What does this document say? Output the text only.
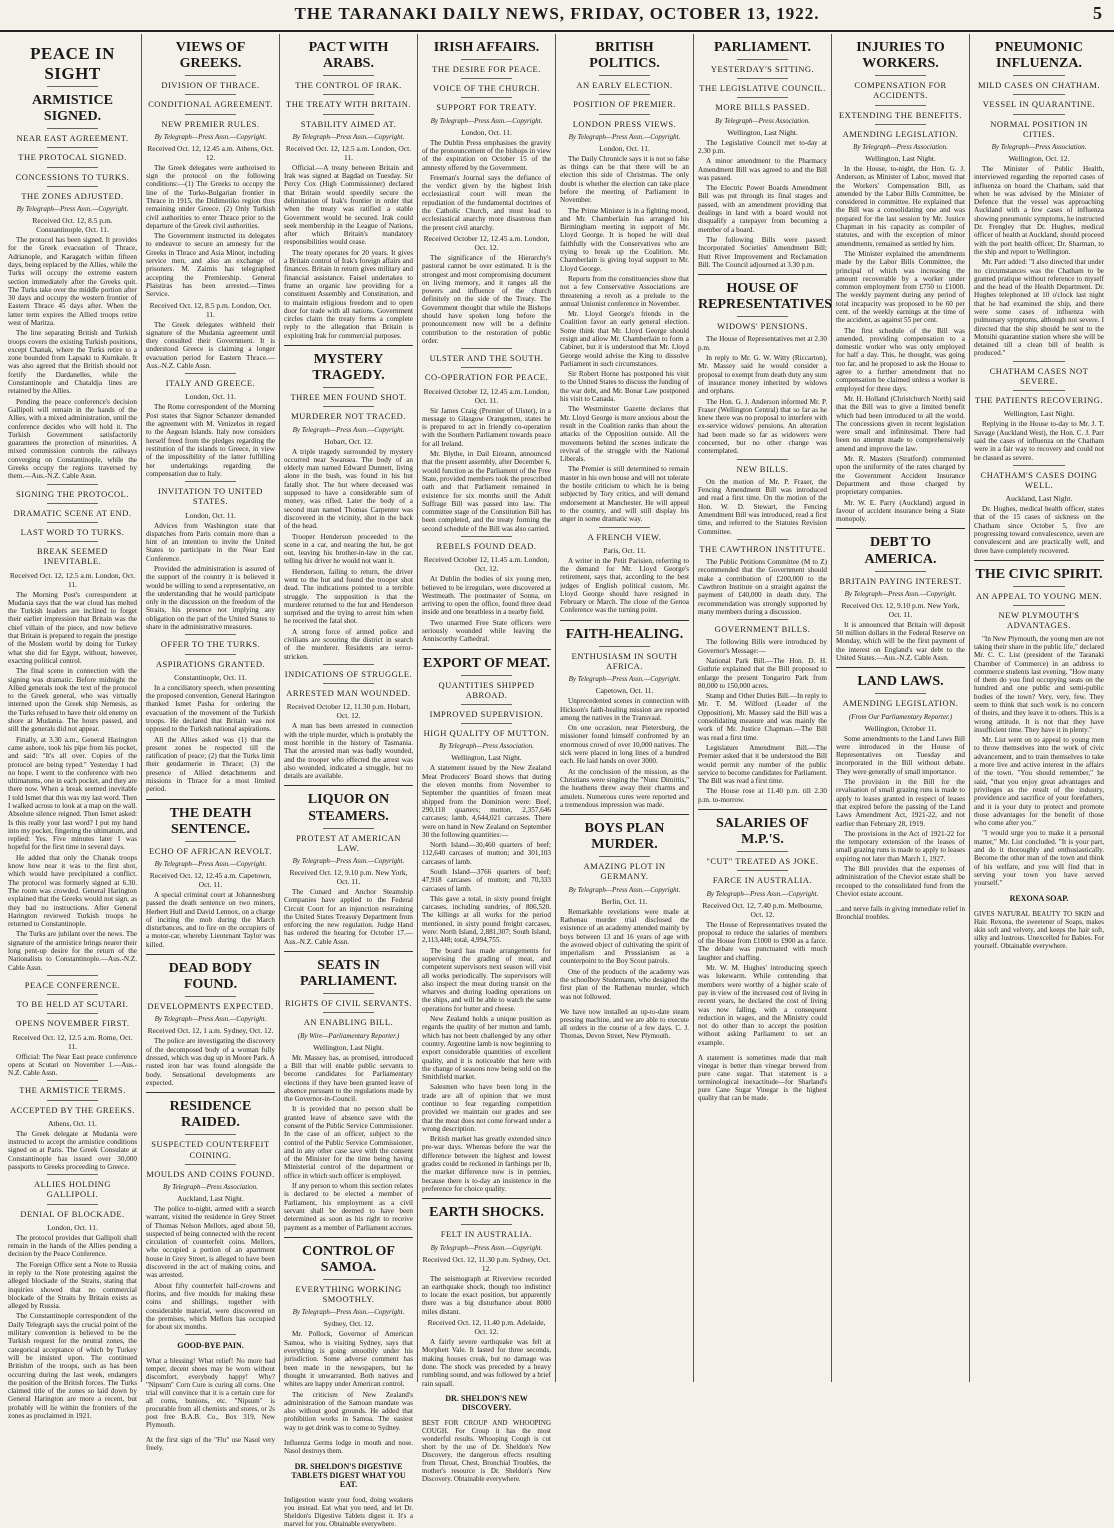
THE TARANAKI DAILY NEWS, FRIDAY, OCTOBER 13, 1922.	5
PEACE IN SIGHT
ARMISTICE SIGNED.
NEAR EAST AGREEMENT.
THE PROTOCAL SIGNED.
CONCESSIONS TO TURKS.
THE ZONES ADJUSTED.
By Telegraph—Press Assn.—Copyright.
Received Oct. 12, 8.5 p.m. Constantinople, Oct. 11.

The protocol has been signed. It provides for the Greek evacuation of Thrace, Adrianople, and Karagatch within fifteen days, being replaced by the Allies, while the Turks will occupy the extreme eastern section immediately after the Greeks quit. The Turks take over the middle portion after 30 days and occupy the western frontier of Eastern Thrace 45 days after. When the latter term expires the Allied troops retire west of Maritza.

The line separating British and Turkish troops covers the existing Turkish positions, except Chanak, where the Turks retire to a zone bounded from Lapsaki to Kumkale. It was also agreed that the British should not fortify the Dardanelles, while the Constantinople and Chataldja lines are retained by the Allies.

Pending the peace conference's decision Gallipoli will remain in the hands of the Allies, with a mixed administration, until the conference decides who will hold it. The Turkish Government satisfactorily guarantees the protection of minorities. A mixed commission controls the railways converging on Constantinople, while the Greeks occupy the regions traversed by them.—Aus.-N.Z. Cable Assn.

SIGNING THE PROTOCOL.
DRAMATIC SCENE AT END.
LAST WORD TO TURKS.
BREAK SEEMED INEVITABLE.
Received Oct. 12, 12.5 a.m. London, Oct. 11.

The Morning Post's correspondent at Mudania says that the war cloud has melted the Turkish leaders are inclined to forget their earlier impression that Britain was the chief villain of the piece, and now believe that Britain is prepared to regain the prestige of the Moslem world by doing for Turkey what she did for Egypt, without, however, exacting political control.

The final scene in connection with the signing was dramatic. Before midnight the Allied generals took the text of the protocol to the Greek general, who was virtually interned upon the Greek ship Nemesis, as the Turks refused to have their old enemy on shore at Mudania. The hours passed, and still the generals did not appear.

Finally, at 3.30 a.m., General Harington came ashore, took his pipe from his pocket, and said: "It's all over. Copies of the protocol are being typed." Yesterday I had no hope. I went to the conference with two ultimatums, one in each pocket, and they are there now. When a break seemed inevitable I told Ismet that this was my last word. Then I walked across to look at a map on the wall. Absolute silence reigned. Then Ismet asked: Is this really your last word? I put my hand into my pocket, fingering the ultimatum, and replied: Yes. Five minutes later I was hopeful for the first time in several days.

He added that only the Chanak troops know how near it was to the first shot, which would have precipitated a conflict. The protocol was formerly signed at 6.30. The room was crowded. General Harington explained that the Greeks would not sign, as they had no instructions. After General Harington reviewed Turkish troops he returned to Constantinople.

The Turks are jubilant over the news. The signature of the armistice brings nearer their long pent-up desire for the return of the Nationalists to Constantinople.—Aus.-N.Z. Cable Assn.

PEACE CONFERENCE.
TO BE HELD AT SCUTARI.
OPENS NOVEMBER FIRST.
Received Oct. 12, 12.5 a.m. Rome, Oct. 11.

Official: The Near East peace conference opens at Scutari on November 1.—Aus.-N.Z. Cable Assn.

THE ARMISTICE TERMS.
ACCEPTED BY THE GREEKS.
Athens, Oct. 11.

The Greek delegate at Mudania were instructed to accept the armistice conditions signed on at Paris. The Greek Consulate at Constantinople has issued over 30,000 passports to Greeks proceeding to Greece.

ALLIES HOLDING GALLIPOLI.
DENIAL OF BLOCKADE.
London, Oct. 11.

The protocol provides that Gallipoli shall remain in the hands of the Allies pending a decision by the Peace Conference.

The Foreign Office sent a Note to Russia in reply to the Note protesting against the alleged blockade of the Straits, stating that inquiries showed that no commercial blockade of the Straits by Britain exists as alleged by Russia.

The Constantinople correspondent of the Daily Telegraph says the crucial point of the military convention is believed to be the Turkish request for the neutral zones, the categorical acceptance of which by Turkey will be insisted upon. The continued Britishm of the troops, such as has been occurring during the last week, endangers the position of the British forces. The Turks claimed title of the zones so laid down by General Harington are more a recent, but probably will lie within the frontiers of the zones as proclaimed in 1921.

VIEWS OF GREEKS.
DIVISION OF THRACE.
CONDITIONAL AGREEMENT.
NEW PREMIER RULES.
By Telegraph—Press Assn.—Copyright.
Received Oct. 12, 12.45 a.m. Athens, Oct. 12.

The Greek delegates were authorised to sign the protocol on the following conditions:—(1) The Greeks to occupy the line of the Turko-Bulgarian frontier in Thrace in 1915, the Didimotiko region thus remaining under Greece. (2) Only Turkish civil authorities to enter Thrace prior to the departure of the Greek civil authorities.

The Government instructed its delegates to endeavor to secure an amnesty for the Greeks in Thrace and Asia Minor, including service men, and also an exchange of prisoners. M. Zaimis has telegraphed accepting the Premiership. General Plaistiras has been arrested.—Times Service.

Received Oct. 12, 8.5 p.m. London, Oct. 11.

The Greek delegates withheld their signature of the Mudania agreement until they consulted their Government. It is understood Greece is claiming a longer evacuation period for Eastern Thrace.—Aus.-N.Z. Cable Assn.

ITALY AND GREECE.
London, Oct. 11.

The Rome correspondent of the Morning Post states that Signor Schanzer demanded the agreement with M. Venizelos in regard to the Aegean Islands. Italy now considers herself freed from the pledges regarding the restitution of the islands to Greece, in view of the impossibility of the latter fulfilling her undertakings regarding the compensation due to Italy.

INVITATION TO UNITED STATES.
London, Oct. 11.

Advices from Washington state that dispatches from Paris contain more than a hint of an intention to invite the United States to participate in the Near East Conference.

Provided the administration is assured of the support of the country it is believed it would be willing to send a representative, on the understanding that he would participate only in the discussion on the freedom of the Straits, his presence not implying any obligation on the part of the United States to share in the administrative measures.

OFFER TO THE TURKS.
ASPIRATIONS GRANTED.
Constantinople, Oct. 11.

In a conciliatory speech, when presenting the proposed convention, General Harington thanked Ismet Pasha for ordering the evacuation of the movement of the Turkish troops. He declared that Britain was not opposed to the Turkish national aspirations.

All the Allies asked was (1) that the present zones be respected till the ratification of peace; (2) that the Turks limit their gendarmerie in Thrace; (3) the presence of Allied detachments and missions in Thrace for a most limited period.

THE DEATH SENTENCE.
ECHO OF AFRICAN REVOLT.
By Telegraph—Press Assn.—Copyright.
Received Oct. 12, 12.45 a.m. Capetown, Oct. 11.

A special criminal court at Johannesburg passed the death sentence on two miners, Herbert Hull and David Lennox, on a charge of inciting the mob during the March disturbances, and to fire on the occupiers of a motor-car, whereby Lieutenant Taylor was killed.

DEAD BODY FOUND.
DEVELOPMENTS EXPECTED.
By Telegraph—Press Assn.—Copyright.
Received Oct. 12, 1 a.m. Sydney, Oct. 12.

The police are investigating the discovery of the decomposed body of a woman fully dressed, which was dug up in Moore Park. A rusted iron bar was found alongside the body. Sensational developments are expected.

RESIDENCE RAIDED.
SUSPECTED COUNTERFEIT COINING.
MOULDS AND COINS FOUND.
By Telegraph—Press Association.
Auckland, Last Night.

The police to-night, armed with a search warrant, visited the residence in Grey Street of Thomas Nelson Mellors, aged about 50, suspected of being connected with the recent circulation of counterfeit coins. Mellors, who occupied a portion of an apartment house in Grey Street, is alleged to have been discovered in the act of making coins, and was arrested.

About fifty counterfeit half-crowns and florins, and five moulds for making these coins and shillings, together with considerable material, were discovered on the premises, which Mellors has occupied for about six months.

GOOD-BYE PAIN.

What a blessing! What relief! No more bad temper, decent shoes may be worn without discomfort, everybody happy! Why? "Nipsum" Corn Cure is curing all corns. One trial will convince that it is a certain cure for all corns, bunions, etc. "Nipsum" is procurable from all chemists and stores, or 2s post free B.A.B. Co., Box 319, New Plymouth.

At the first sign of the "Flu" use Nasol very freely.

PACT WITH ARABS.
THE CONTROL OF IRAK.
THE TREATY WITH BRITAIN.
STABILITY AIMED AT.
By Telegraph—Press Assn.—Copyright.
Received Oct. 12, 12.5 a.m. London, Oct. 11.

Official.—A treaty between Britain and Irak was signed at Bagdad on Tuesday. Sir Percy Cox (High Commissioner) declared that Britain would speedily secure the delimitation of Irak's frontier in order that when the treaty was ratified a stable Government would be secured. Irak could seek membership in the League of Nations, after which Britain's mandatory responsibilities would cease.

The treaty operates for 20 years. It gives a Britain control of Irak's foreign affairs and finances. Britain in return gives military and financial assistance. Faisel undertakes to frame an organic law providing for a constituent Assembly and Constitution, and to maintain religious freedom and to open door for trade with all nations. Government circles claim the treaty forms a complete reply to the allegation that Britain is exploiting Irak for commercial purposes.

MYSTERY TRAGEDY.
THREE MEN FOUND SHOT.
MURDERER NOT TRACED.
By Telegraph—Press Assn.—Copyright.
Hobart, Oct. 12.

A triple tragedy surrounded by mystery occurred near Swansea. The body of an elderly man named Edward Dunnett, living alone in the bush, was found in his hut fatally shot. The hut where deceased was supposed to have a considerable sum of money, was rifled. Later the body of a second man named Thomas Carpenter was discovered in the vicinity, shot in the back of the head.

Trooper Henderson proceeded to the scene in a car, and nearing the hut, he got out, leaving his brother-in-law in the car, telling his driver he would not want it.

Henderson, failing to return, the driver went to the hut and found the trooper shot dead. The indications pointed to a terrible struggle. The supposition is that the murderer returned to the hut and Henderson surprised and the trying to arrest him when he received the fatal shot.

A strong force of armed police and civilians are scouring the district in search of the murderer. Residents are terror-stricken.

INDICATIONS OF STRUGGLE.
ARRESTED MAN WOUNDED.
Received October 12, 11.30 p.m. Hobart, Oct. 12.

A man has been arrested in connection with the triple murder, which is probably the most horrible in the history of Tasmania. That the arrested man was badly wounded, and the trooper who effected the arrest was also wounded, indicated a struggle, but no details are available.

LIQUOR ON STEAMERS.
PROTEST AT AMERICAN LAW.
By Telegraph—Press Assn.—Copyright.
Received Oct. 12, 9.10 p.m. New York, Oct. 11.

The Cunard and Anchor Steamship Companies have applied to the Federal Circuit Court for an injunction restraining the United States Treasury Department from enforcing the new regulation. Judge Hand has ordered the hearing for October 17.—Aus.-N.Z. Cable Assn.

SEATS IN PARLIAMENT.
RIGHTS OF CIVIL SERVANTS.
AN ENABLING BILL.
(By Wire—Parliamentary Reporter.)
Wellington, Last Night.

Mr. Massey has, as promised, introduced a Bill that will enable public servants to become candidates for Parliamentary elections if they have been granted leave of absence pursuant to the regulations made by the Governor-in-Council.

It is provided that no person shall be granted leave of absence save with the consent of the Public Service Commissioner. In the case of an officer, subject to the control of the Public Service Commissioner, and in any other case save with the consent of the Minister for the time being having Ministerial control of the department or office in which such officer is employed.

If any person to whom this section relates is declared to be elected a member of Parliament, his employment as a civil servant shall be deemed to have been determined as soon as his right to receive payment as a member of Parliament accrues.

CONTROL OF SAMOA.
EVERYTHING WORKING SMOOTHLY.
By Telegraph—Press Assn.—Copyright.
Sydney, Oct. 12.

Mr. Pollock, Governor of American Samoa, who is visiting Sydney, says that everything is going smoothly under his jurisdiction. Some adverse comment has been made in the newspapers, but he thought it unwarranted. Both natives and whites are happy under American control.

The criticism of New Zealand's administration of the Samoan mandate was also without good grounds. He added that prohibition works in Samoa. The easiest way to get drink was to come to Sydney.

Influenza Germs lodge in mouth and nose. Nasol destroys them.

DR. SHELDON'S DIGESTIVE TABLETS DIGEST WHAT YOU EAT.

Indigestion waste your food, doing weakens you instead. Eat what you need, and let Dr. Sheldon's Digestive Tablets digest it. It's a marvel for you. Obtainable everywhere.

IRISH AFFAIRS.
THE DESIRE FOR PEACE.
VOICE OF THE CHURCH.
SUPPORT FOR TREATY.
By Telegraph—Press Assn.—Copyright.
London, Oct. 11.

The Dublin Press emphasises the gravity of the pronouncement of the bishops in view of the expiration on October 15 of the amnesty offered by the Government.

Freeman's Journal says the defiance of the verdict given by the highest Irish ecclesiastical court will mean the repudiation of the fundamental doctrines of the Catholic Church, and must lead to ecclesiastical anarchy more disastrous than the present civil anarchy.

Received October 12, 12.45 a.m. London, Oct. 12.

The significance of the Hierarchy's pastoral cannot be over estimated. It is the strongest and most compromising document on living memory, and it ranges all the powers and influence of the church definitely on the side of the Treaty. The Government thought that while the Bishops should have spoken long before the pronouncement now will be a definite contribution to the restoration of public order.

ULSTER AND THE SOUTH.
CO-OPERATION FOR PEACE.
Received October 12, 12.45 a.m. London, Oct. 11.

Sir James Craig (Premier of Ulster), in a message to Glasgow Orangemen, states he is prepared to act in friendly co-operation with the Southern Parliament towards peace for all Ireland.

Mr. Blythe, in Dail Eireann, announced that the present assembly, after December 6, would function as the Parliament of the Free State, provided members took the prescribed oath and that Parliament remained in existence for six months until the Adult Suffrage Bill was passed into law. The committee stage of the Constitution Bill has been completed, and the treaty forming the second schedule of the Bill was also carried.

REBELS FOUND DEAD.
Received October 12, 11.45 a.m. London, Oct. 12.

At Dublin the bodies of six young men, believed to be irregulars, were discovered at Westmeath. The postmaster of Sonna, on arriving to open the office, found three dead inside and one breathless in a nearby field.

Two unarmed Free State officers were seriously wounded while leaving the Anniscorthy Cathedral.

EXPORT OF MEAT.
QUANTITIES SHIPPED ABROAD.
IMPROVED SUPERVISION.
HIGH QUALITY OF MUTTON.
By Telegraph—Press Association.
Wellington, Last Night.

A statement issued by the New Zealand Meat Producers' Board shows that during the eleven months from November to September the quantities of frozen meat shipped from the Dominion were: Beef, 290,118 quarters; mutton, 2,357,646 carcases; lamb, 4,644,021 carcases. There were on hand in New Zealand on September 30 the following quantities:—

North Island—30,460 quarters of beef; 112,640 carcases of mutton; and 301,103 carcases of lamb.

South Island—3766 quarters of beef; 47,918 carcases of mutton; and 70,333 carcases of lamb.

This gave a total, in sixty pound freight carcases, including sundries, of 806,520. The killings at all works for the period mentioned, in sixty pound freight carcases, were: North Island, 2,881,307; South Island, 2,113,448; total, 4,994,755.

The board has made arrangements for supervising the grading of meat, and competent supervisors next season will visit all works periodically. The supervisors will also inspect the meat during transit on the wharves and during loading operations on the ships, and will be able to watch the same operations for butter and cheese.

New Zealand holds a unique position as regards the quality of her mutton and lamb, which has not been challenged by any other country. Argentine lamb is now beginning to export considerable quantities of excellent quality, and it is noticeable that here with the change of seasons now being sold on the Smithfield market.

Salesmen who have been long in the trade are all of opinion that we must continue to fear regarding competition provided we maintain our grades and see that the meat does not come forward under a wrong description.

British market has greatly extended since pre-war days. Whereas before the war the difference between the highest and lowest grades could be reckoned in farthings per lb, the market difference now is in pennies, because there is to-day an insistence in the preference for choice quality.

EARTH SHOCKS.
FELT IN AUSTRALIA.
By Telegraph—Press Assn.—Copyright.
Received Oct. 12, 11.30 p.m. Sydney, Oct. 12.

The seismograph at Riverview recorded an earthquake shock, though too indistinct to locate the exact position, but apparently there was a big disturbance about 8000 miles distant.

Received Oct. 12, 11.40 p.m. Adelaide, Oct. 12.

A fairly severe earthquake was felt at Morphett Vale. It lasted for three seconds, making houses creak, but no damage was done. The shock was preceded by a heavy rumbling sound, and was followed by a brief rain squall.

DR. SHELDON'S NEW DISCOVERY.

BEST FOR CROUP AND WHOOPING COUGH. For Croup it has the most wonderful results. Whooping Cough is cut short by the use of Dr. Sheldon's New Discovery, the dangerous effects resulting from Throat, Chest, Bronchial Troubles, the mother's resource is Dr. Sheldon's New Discovery. Obtainable everywhere.

BRITISH POLITICS.
AN EARLY ELECTION.
POSITION OF PREMIER.
LONDON PRESS VIEWS.
By Telegraph—Press Assn.—Copyright.
London, Oct. 11.

The Daily Chronicle says it is not so false as things can be that there will be an election this side of Christmas. The only doubt is whether the election can take place before the meeting of Parliament in November.

The Prime Minister is in a fighting mood, and Mr. Chamberlain has arranged his Birmingham meeting in support of Mr. Lloyd George. It is hoped he will deal faithfully with the Conservatives who are trying to break up the Coalition. Mr. Chamberlain is giving loyal support to Mr. Lloyd George.

Reports from the constituencies show that not a few Conservative Associations are threatening a revolt as a prelude to the annual Unionist conference in November.

Mr. Lloyd George's friends in the Coalition favor an early general election. Some think that Mr. Lloyd George should resign and allow Mr. Chamberlain to form a Cabinet, but it is understood that Mr. Lloyd George would advise the King to dissolve Parliament in such circumstances.

Sir Robert Horne has postponed his visit to the United States to discuss the funding of the war debt, and Mr. Bonar Law postponed his visit to Canada.

The Westminster Gazette declares that Mr. Lloyd George is more anxious about the result in the Coalition ranks than about the attacks of the Opposition outside. All the movements behind the scenes indicate the revival of the struggle with the National Liberals.

The Premier is still determined to remain master in his own house and will not tolerate the hostile criticism to which he is being subjected by Tory critics, and will demand endorsement at Manchester. He will appeal to the country, and will still display his anger in some dramatic way.

A FRENCH VIEW.
Paris, Oct. 11.

A writer in the Petit Parisien, referring to the demand for Mr. Lloyd George's retirement, says that, according to the best judges of English political custom, Mr. Lloyd George should have resigned in February or March. The close of the Genoa Conference was the turning point.

FAITH-HEALING.
ENTHUSIASM IN SOUTH AFRICA.
By Telegraph—Press Assn.—Copyright.
Capetown, Oct. 11.

Unprecedented scenes in connection with Hickson's faith-healing mission are reported among the natives in the Transvaal.

On one occasion, near Pietersburg, the missioner found himself confronted by an enormous crowd of over 10,000 natives. The sick were placed in long lines of a hundred each. He laid hands on over 3000.

At the conclusion of the mission, as the Christians were singing the "Nunc Dimittis," the heathens threw away their charms and amulets. Numerous cures were reported and a tremendous impression was made.

BOYS PLAN MURDER.
AMAZING PLOT IN GERMANY.
By Telegraph—Press Assn.—Copyright.
Berlin, Oct. 11.

Remarkable revelations were made at Rathenau murder trial disclosed the existence of an academy attended mainly by boys between 13 and 16 years of age with the avowed object of cultivating the spirit of imperialism and Prussianism as a counterpoint to the Boy Scout patrols.

One of the products of the academy was the schoolboy Studemann, who designed the first plan of the Rathenau murder, which was not followed.

We have now installed an up-to-date steam pressing machine, and we are able to execute all orders in the course of a few days. C. J. Thomas, Devon Street, New Plymouth.

PARLIAMENT.
YESTERDAY'S SITTING.
THE LEGISLATIVE COUNCIL.
MORE BILLS PASSED.
By Telegraph—Press Association.
Wellington, Last Night.

The Legislative Council met to-day at 2.30 p.m.

A minor amendment to the Pharmacy Amendment Bill was agreed to and the Bill was passed.

The Electric Power Boards Amendment Bill was put through its final stages and passed, with an amendment providing that dealings in land with a board would not disqualify a ratepayer from becoming a member of a board.

The following Bills were passed: Incorporated Societies' Amendment Bill; Hutt River Improvement and Reclamation Bill. The Council adjourned at 3.30 p.m.

HOUSE OF REPRESENTATIVES
WIDOWS' PENSIONS.

The House of Representatives met at 2.30 p.m.

In reply to Mr. G. W. Witty (Riccarton), Mr. Massey said he would consider a proposal to exempt from death duty any sum of insurance money inherited by widows and orphans.

The Hon. G. J. Anderson informed Mr. P. Fraser (Wellington Central) that so far as he knew there was no proposal to interfere with ex-service widows' pensions. An alteration had been made so far as widowers were concerned, but no other change was contemplated.

NEW BILLS.

On the motion of Mr. P. Fraser, the Fencing Amendment Bill was introduced and read a first time. On the motion of the Hon. W. D. Stewart, the Fencing Amendment Bill was introduced, read a first time, and referred to the Statutes Revision Committee.

THE CAWTHRON INSTITUTE.

The Public Petitions Committee (M to Z) recommended that the Government should make a contribution of £200,000 to the Cawthron Institute on a straight against the payment of £40,000 in death duty. The recommendation was strongly supported by many members during a discussion.

GOVERNMENT BILLS.

The following Bills were introduced by Governor's Message:—

National Park Bill.—The Hon. D. H. Guthrie explained that the Bill proposed to enlarge the present Tongariro Park from 80,000 to 150,000 acres.

Stamp and Other Duties Bill.—In reply to Mr. T. M. Wilford (Leader of the Opposition), Mr. Massey said the Bill was a consolidating measure and was mainly the work of Mr. Justice Chapman.—The Bill was read a first time.

Legislature Amendment Bill.—The Premier asked that it be understood the Bill would permit any number of the public service to become candidates for Parliament. The Bill was read a first time.

The House rose at 11.40 p.m. till 2.30 p.m. to-morrow.

SALARIES OF M.P.'S.
"CUT" TREATED AS JOKE.
FARCE IN AUSTRALIA.
By Telegraph—Press Assn.—Copyright.
Received Oct. 12, 7.40 p.m. Melbourne, Oct. 12.

The House of Representatives treated the proposal to reduce the salaries of members of the House from £1000 to £900 as a farce. The debate was punctuated with much laughter and chaffing.

Mr. W. M. Hughes' introducing speech was lukewarm. While contending that members were worthy of a higher scale of pay in view of the increased cost of living in recent years, he declared the cost of living was now falling, with a consequent reduction in wages, and the Ministry could not do other than to accept the position without asking Parliament to set an example.

A statement is sometimes made that malt vinegar is better than vinegar brewed from pure cane sugar. That statement is a terminological inexactitude—for Sharland's pure Cane Sugar Vinegar is the highest quality that can be made.

INJURIES TO WORKERS.
COMPENSATION FOR ACCIDENTS.
EXTENDING THE BENEFITS.
AMENDING LEGISLATION.
By Telegraph—Press Association.
Wellington, Last Night.

In the House, to-night, the Hon. G. J. Anderson, as Minister of Labor, moved that the Workers' Compensation Bill, as amended by the Labor Bills Committee, be considered in committee. He explained that the Bill was a consolidating one and was prepared for the last session by Mr. Justice Chapman in his capacity as compiler of statutes, and with the exception of minor amendments, remained as settled by him.

The Minister explained the amendments made by the Labor Bills Committee, the principal of which was increasing the amount recoverable by a worker under common employment from £750 to £1000. The weekly payment during any period of total incapacity was proposed to be 60 per cent. of the weekly earnings at the time of the accident, as against 55 per cent.

The first schedule of the Bill was amended, providing compensation to a domestic worker who was only employed for half a day. This, he thought, was going too far, and he proposed to ask the House to agree to a further amendment that no compensation be claimed unless a worker is employed for three days.

Mr. H. Holland (Christchurch North) said that the Bill was to give a limited benefit which had been introduced to all the world. The concessions given in recent legislation were small and infinitesimal. There had been no attempt made to comprehensively amend and improve the law.

Mr. R. Masters (Stratford) commented upon the uniformity of the rates charged by the Government Accident Insurance Department and those charged by proprietary companies.

Mr. W. E. Parry (Auckland) argued in favour of accident insurance being a State monopoly.

DEBT TO AMERICA.
BRITAIN PAYING INTEREST.
By Telegraph—Press Assn.—Copyright.
Received Oct. 12, 9.10 p.m. New York, Oct. 11.

It is announced that Britain will deposit 50 million dollars in the Federal Reserve on Monday, which will be the first payment of the interest on England's war debt to the United States.—Aus.-N.Z. Cable Assn.

LAND LAWS.
AMENDING LEGISLATION.
(From Our Parliamentary Reporter.)
Wellington, October 11.

Some amendments to the Land Laws Bill were introduced in the House of Representatives on Tuesday and incorporated in the Bill without debate. They were generally of small importance.

The provision in the Bill for the revaluation of small grazing runs is made to apply to leases granted in respect of leases that expired before the passing of the Land Laws Amendment Act, 1921-22, and not earlier than February 28, 1919.

The provisions in the Act of 1921-22 for the temporary extension of the leases of small grazing runs is made to apply to leases expiring not later than March 1, 1927.

The Bill provides that the expenses of administration of the Cheviot estate shall be recouped to the consolidated fund from the Cheviot estate account.

...and nerve fails in giving immediate relief in Bronchial troubles.

PNEUMONIC INFLUENZA.
MILD CASES ON CHATHAM.
VESSEL IN QUARANTINE.
NORMAL POSITION IN CITIES.
By Telegraph—Press Association.
Wellington, Oct. 12.

The Minister of Public Health, interviewed regarding the reported cases of influenza on board the Chatham, said that when he was advised by the Minister of Defence that the vessel was approaching Auckland with a few cases of influenza showing pneumonic symptoms, he instructed Dr. Frengley that Dr. Hughes, medical officer of health at Auckland, should proceed with the port health officer, Dr. Sharman, to the ship and report to Wellington.

Mr. Parr added: "I also directed that under no circumstances was the Chatham to be granted pratique without reference to myself and the head of the Health Department. Dr. Hughes telephoned at 10 o'clock last night that he had examined the ship, and there were some cases of influenza with pulmonary symptoms, although not severe. I directed that the ship should be sent to the Motuihi quarantine station where she will be detained till a clean bill of health is produced."

CHATHAM CASES NOT SEVERE.
THE PATIENTS RECOVERING.
Wellington, Last Night.

Replying in the House to-day to Mr. J. T. Savage (Auckland West), the Hon. C. J. Parr said the cases of influenza on the Chatham were in a fair way to recovery and could not be classed as severe.

CHATHAM'S CASES DOING WELL.
Auckland, Last Night.

Dr. Hughes, medical health officer, states that of the 15 cases of sickness on the Chatham since October 5, five are progressing toward convalescence, seven are convalescent and are practically well, and three have completely recovered.

THE CIVIC SPIRIT.
AN APPEAL TO YOUNG MEN.
NEW PLYMOUTH'S ADVANTAGES.

"In New Plymouth, the young men are not taking their share in the public life," declared Mr. C. C. List (president of the Taranaki Chamber of Commerce) in an address to commerce students last evening. "How many of them do you find occupying seats on the hundred and one public and semi-public bodies of the town? Very, very, few. They seem to think that such work is no concern of theirs, and they leave it to others. This is a wrong attitude. It is not that they have insufficient time. They have it in plenty."

Mr. List went on to appeal to young men to throw themselves into the work of civic advancement, and to train themselves to take a more live and active interest in the affairs of the town. "You should remember," he said, "that you enjoy great advantages and privileges as the result of the industry, providence and sacrifice of your forefathers, and it is your duty to protect and promote those advantages for the benefit of those who come after you."

"I would urge you to make it a personal matter," Mr. List concluded. "It is your part, and do it thoroughly and enthusiastically. Become the other man of the town and think of his welfare, and you will find that in serving your town you have served yourself."

REXONA SOAP.

GIVES NATURAL BEAUTY TO SKIN and Hair. Rexona, the sweetener of Soaps, makes skin soft and velvety, and keeps the hair soft, silky and lustrous. Unexcelled for Babies. For yourself. Obtainable everywhere.
